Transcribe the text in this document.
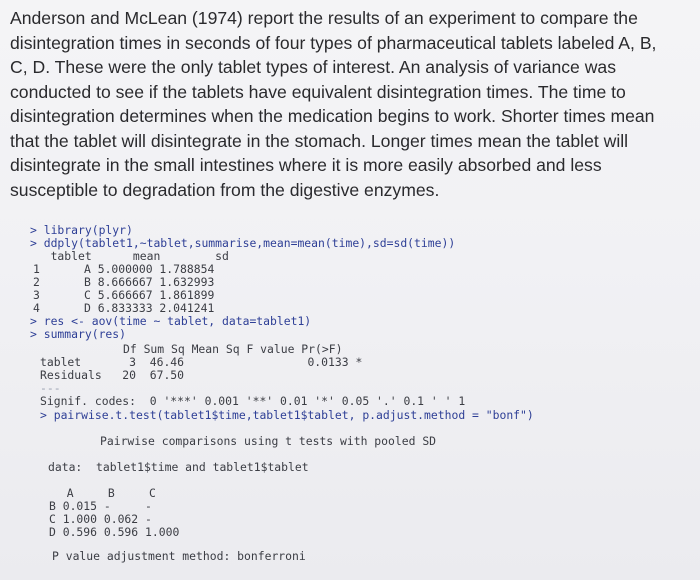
Anderson and McLean (1974) report the results of an experiment to compare the
disintegration times in seconds of four types of pharmaceutical tablets labeled A, B,
C, D. These were the only tablet types of interest. An analysis of variance was
conducted to see if the tablets have equivalent disintegration times. The time to
disintegration determines when the medication begins to work. Shorter times mean
that the tablet will disintegrate in the stomach. Longer times mean the tablet will
disintegrate in the small intestines where it is more easily absorbed and less
susceptible to degradation from the digestive enzymes.
> library(plyr)
> ddply(tablet1,~tablet,summarise,mean=mean(time),sd=sd(time))
tablet      mean        sd
1	A 5.000000 1.788854
2	B 8.666667 1.632993
3	C 5.666667 1.861899
4	D 6.833333 2.041241
> res <- aov(time ~ tablet, data=tablet1)
> summary(res)
Df Sum Sq Mean Sq F value Pr(>F)
tablet       3  46.46                  0.0133 *
Residuals   20  67.50
---
Signif. codes:  0 '***' 0.001 '**' 0.01 '*' 0.05 '.' 0.1 ' ' 1
> pairwise.t.test(tablet1$time,tablet1$tablet, p.adjust.method = "bonf")
Pairwise comparisons using t tests with pooled SD
data:  tablet1$time and tablet1$tablet
A     B     C
B 0.015 -     -
C 1.000 0.062 -
D 0.596 0.596 1.000
P value adjustment method: bonferroni
